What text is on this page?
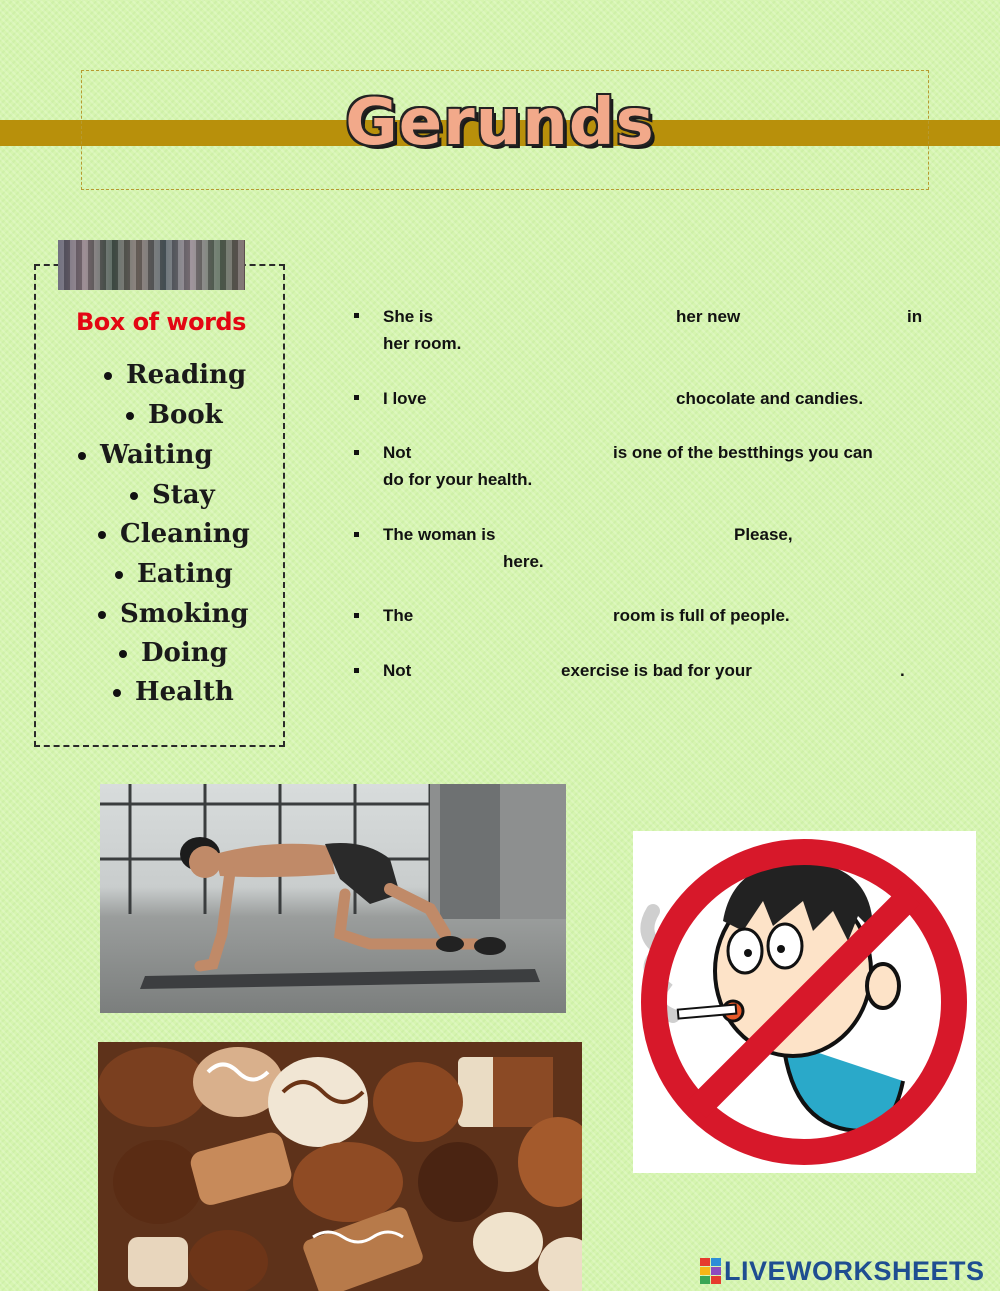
Gerunds
Box of words
Reading
Book
Waiting
Stay
Cleaning
Eating
Smoking
Doing
Health
She is	her new	in
her room.
I love	chocolate and candies.
Not	is one of the bestthings you can
do for your health.
The woman is	Please,
here.
The	room is full of people.
Not	exercise is bad for your	.
LIVEWORKSHEETS
